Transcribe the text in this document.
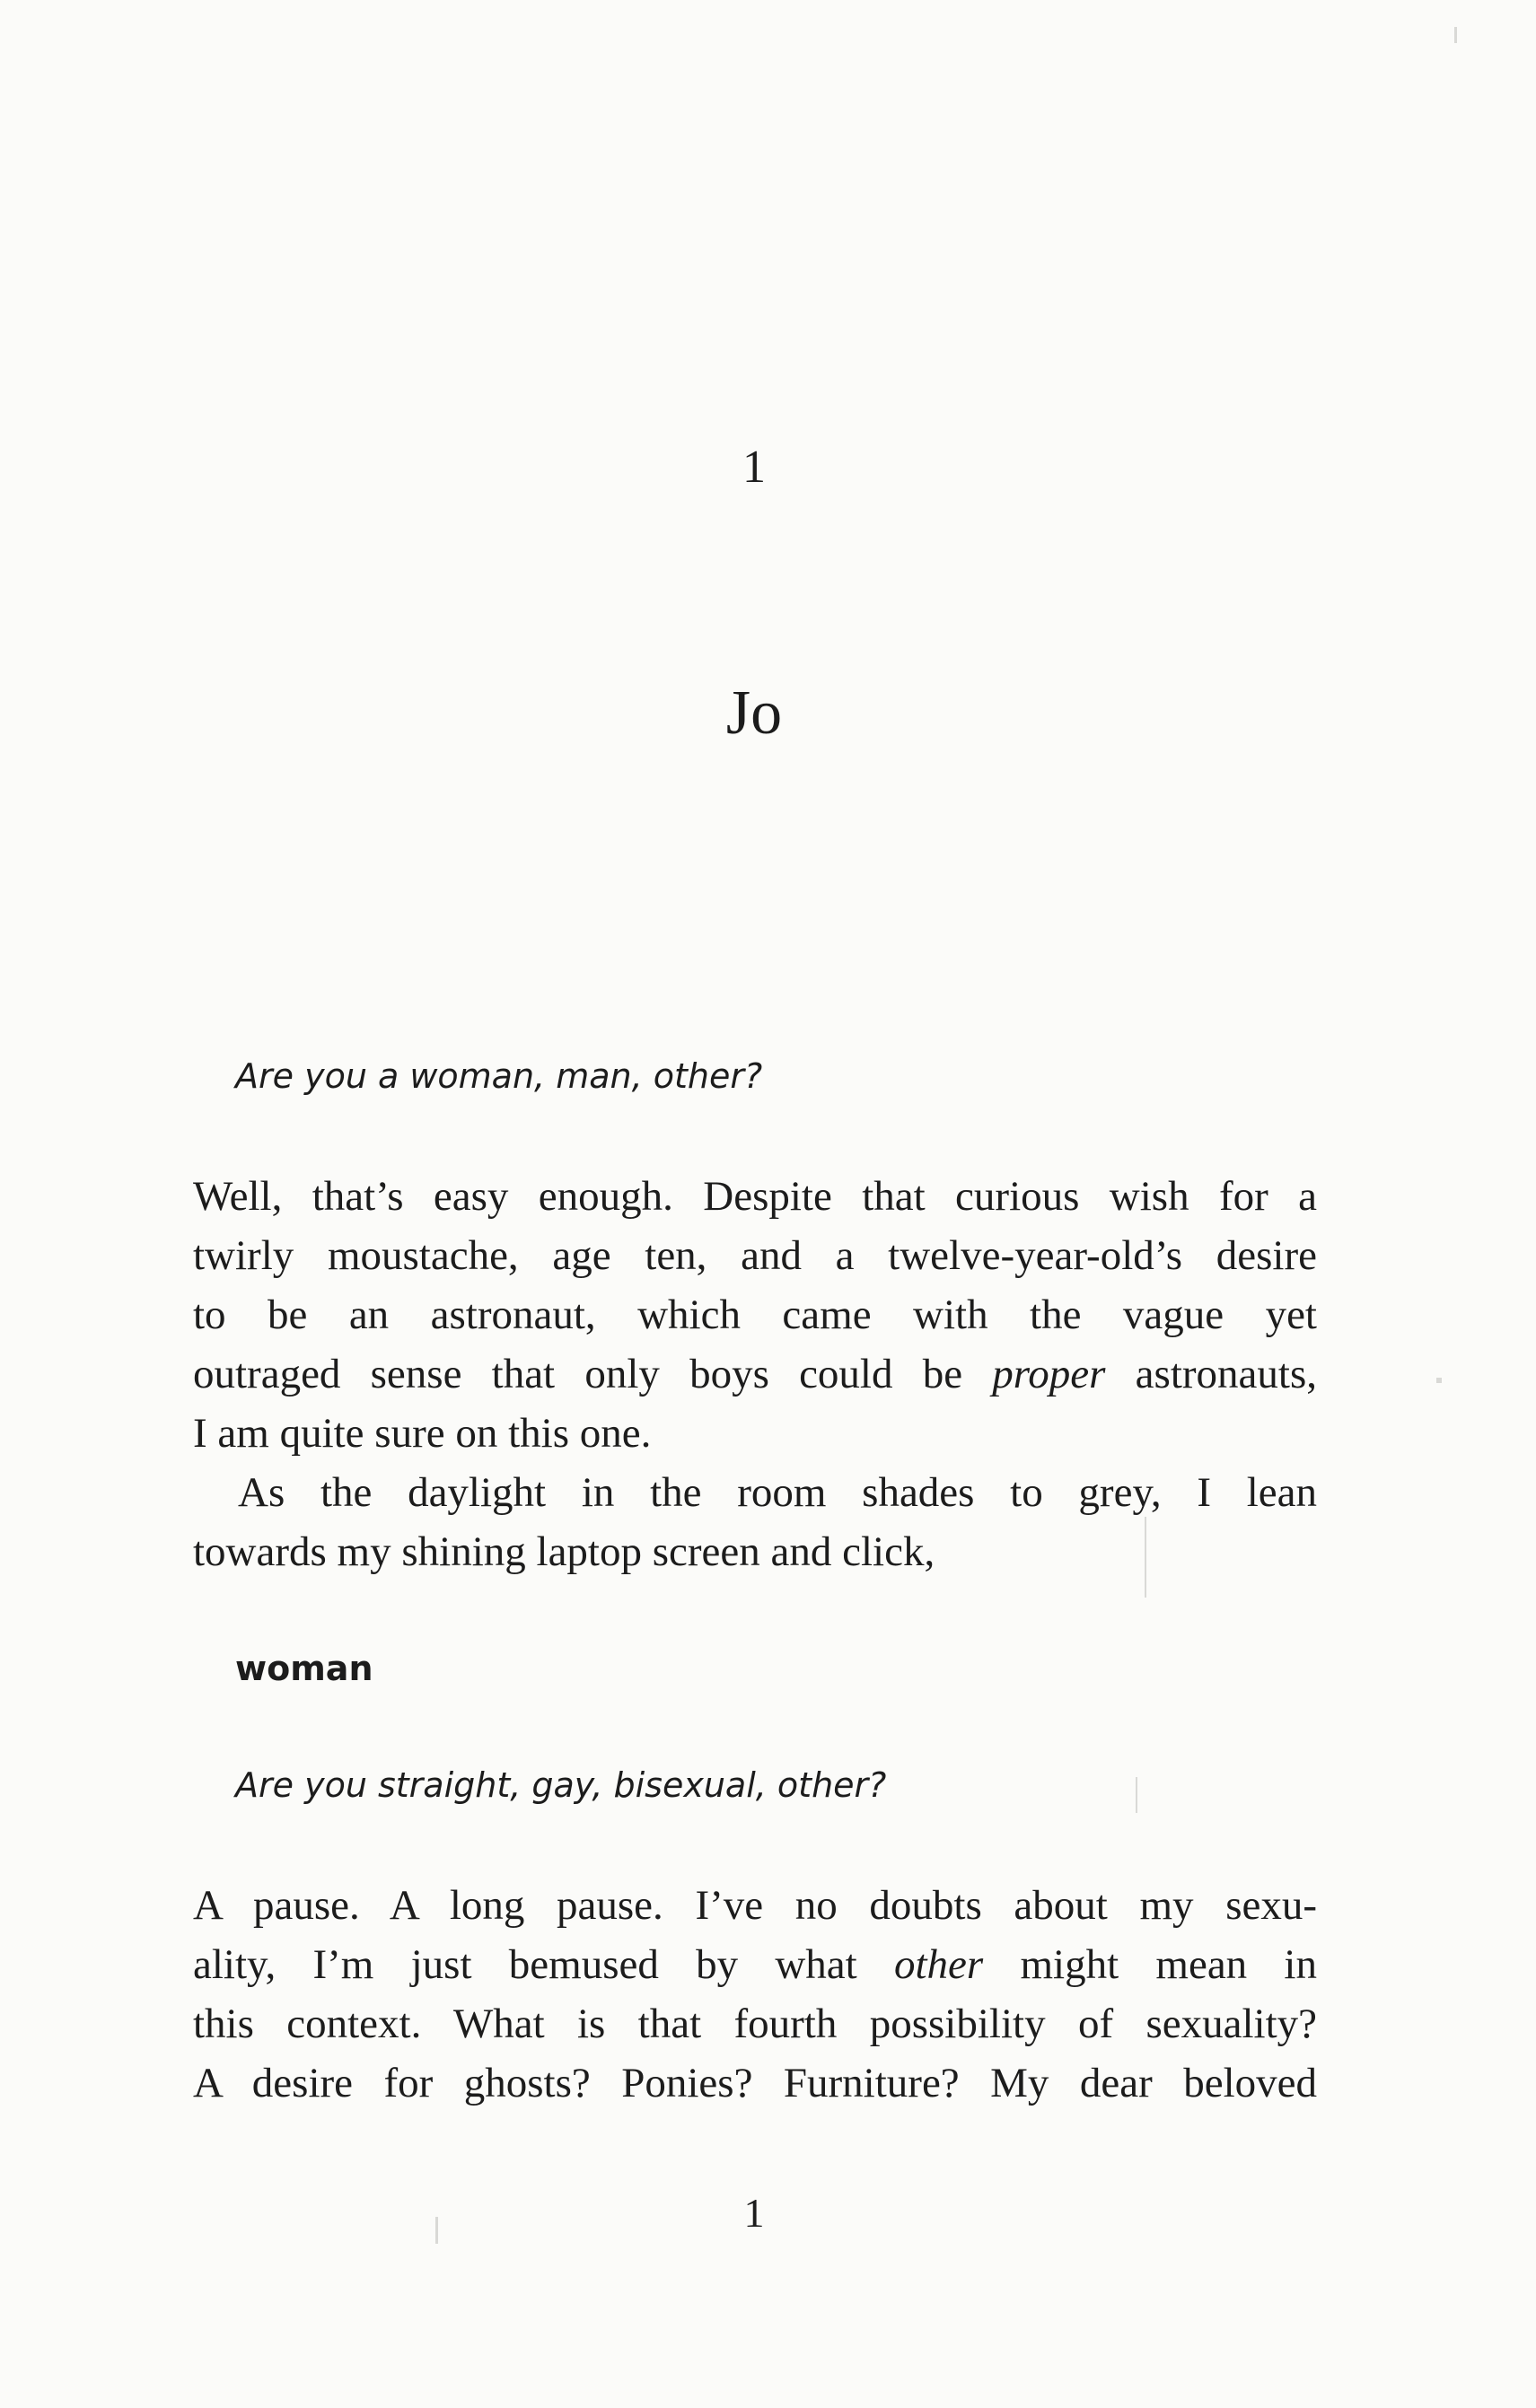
1
Jo
Are you a woman, man, other?
Well, that’s easy enough. Despite that curious wish for a
twirly moustache, age ten, and a twelve-year-old’s desire
to be an astronaut, which came with the vague yet
outraged sense that only boys could be proper astronauts,
I am quite sure on this one.
As the daylight in the room shades to grey, I lean
towards my shining laptop screen and click,
woman
Are you straight, gay, bisexual, other?
A pause. A long pause. I’ve no doubts about my sexu-
ality, I’m just bemused by what other might mean in
this context. What is that fourth possibility of sexuality?
A desire for ghosts? Ponies? Furniture? My dear beloved
1
